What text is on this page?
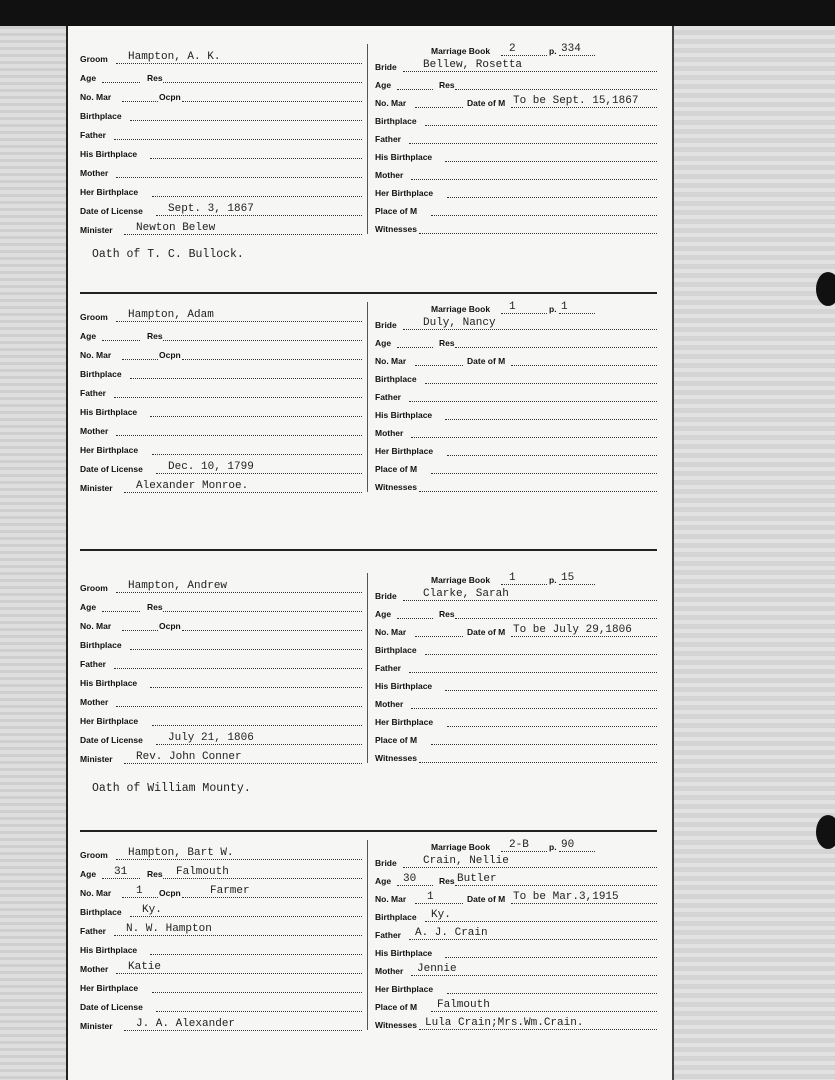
Groom Hampton, A. K.
Age	Res
No. Mar	Ocpn
Birthplace
Father
His Birthplace
Mother
Her Birthplace
Date of License Sept. 3, 1867
Minister Newton Belew
Marriage Book 2	p. 334
Bride Bellew, Rosetta
Age	Res
No. Mar	Date of M To be Sept. 15,1867
Birthplace
Father
His Birthplace
Mother
Her Birthplace
Place of M
Witnesses
Oath of T. C. Bullock.
Groom Hampton, Adam
Age	Res
No. Mar	Ocpn
Birthplace
Father
His Birthplace
Mother
Her Birthplace
Date of License Dec. 10, 1799
Minister Alexander Monroe.
Marriage Book 1	p. 1
Bride Duly, Nancy
Age	Res
No. Mar	Date of M
Birthplace
Father
His Birthplace
Mother
Her Birthplace
Place of M
Witnesses
Groom Hampton, Andrew
Age	Res
No. Mar	Ocpn
Birthplace
Father
His Birthplace
Mother
Her Birthplace
Date of License July 21, 1806
Minister Rev. John Conner
Marriage Book 1	p. 15
Bride Clarke, Sarah
Age	Res
No. Mar	Date of M To be July 29,1806
Birthplace
Father
His Birthplace
Mother
Her Birthplace
Place of M
Witnesses
Oath of William Mounty.
Groom Hampton, Bart W.
Age 31 Res Falmouth
No. Mar 1 Ocpn	Farmer
Birthplace Ky.
Father N. W. Hampton
His Birthplace
Mother Katie
Her Birthplace
Date of License
Minister J. A. Alexander
Marriage Book 2-B p. 90
Bride Crain, Nellie
Age 30	Res Butler
No. Mar 1	Date of M To be Mar.3,1915
Birthplace Ky.
Father A. J. Crain
His Birthplace
Mother Jennie
Her Birthplace
Place of M Falmouth
Witnesses Lula Crain;Mrs.Wm.Crain.
